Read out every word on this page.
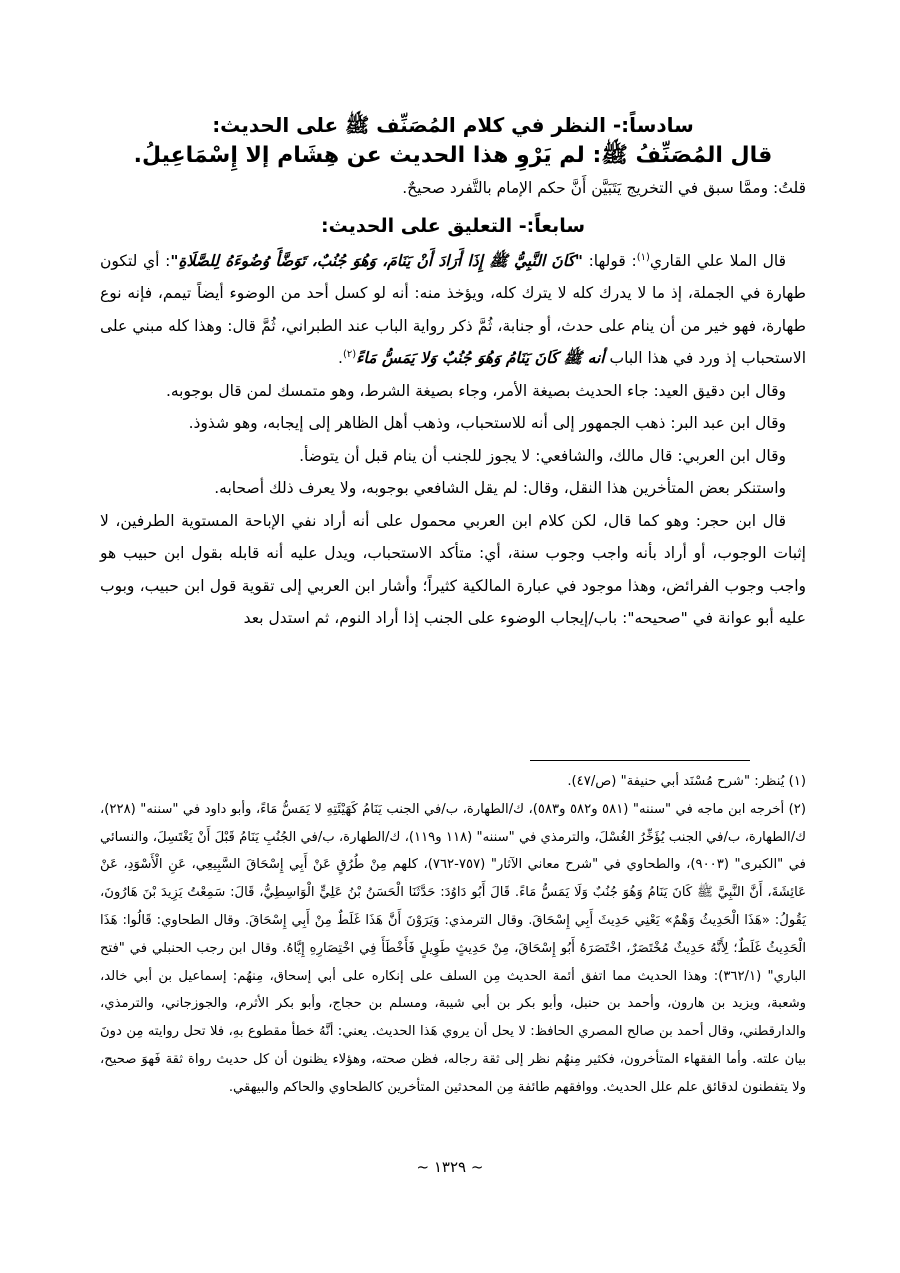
سادساً:- النظر في كلام المُصَنِّف ﷺ على الحديث:

قال المُصَنِّفُ ﷺ: لم يَرْوِ هذا الحديث عن هِشَام إلا إِسْمَاعِيلُ.

قلتُ: وممَّا سبق في التخريج يَتَبَيَّن أَنَّ حكم الإمام بالتَّفرد صحيحٌ.

سابعاً:- التعليق على الحديث:

قال الملا علي القاري$^{(١)}$: قولها: "كَانَ النَّبِيُّ ﷺ إِذَا أَرَادَ أَنْ يَنَامَ، وَهُوَ جُنُبٌ، تَوَضَّأَ وُضُوءَهُ لِلصَّلَاةِ": أي لتكون طهارة في الجملة، إذ ما لا يدرك كله لا يترك كله، ويؤخذ منه: أنه لو كسل أحد من الوضوء أيضاً تيمم، فإنه نوع طهارة، فهو خير من أن ينام على حدث، أو جنابة، ثُمَّ ذكر رواية الباب عند الطبراني، ثُمَّ قال: وهذا كله مبني على الاستحباب إذ ورد في هذا الباب أنه ﷺ كَانَ يَنَامُ وَهُوَ جُنُبٌ وَلا يَمَسُّ مَاءً$^{(٢)}$.

وقال ابن دقيق العيد: جاء الحديث بصيغة الأمر، وجاء بصيغة الشرط، وهو متمسك لمن قال بوجوبه.

وقال ابن عبد البر: ذهب الجمهور إلى أنه للاستحباب، وذهب أهل الظاهر إلى إيجابه، وهو شذوذ.

وقال ابن العربي: قال مالك، والشافعي: لا يجوز للجنب أن ينام قبل أن يتوضأ.

واستنكر بعض المتأخرين هذا النقل، وقال: لم يقل الشافعي بوجوبه، ولا يعرف ذلك أصحابه.

قال ابن حجر: وهو كما قال، لكن كلام ابن العربي محمول على أنه أراد نفي الإباحة المستوية الطرفين، لا إثبات الوجوب، أو أراد بأنه واجب وجوب سنة، أي: متأكد الاستحباب، ويدل عليه أنه قابله بقول ابن حبيب هو واجب وجوب الفرائض، وهذا موجود في عبارة المالكية كثيراً؛ وأشار ابن العربي إلى تقوية قول ابن حبيب، وبوب عليه أبو عوانة في "صحيحه": باب/إيجاب الوضوء على الجنب إذا أراد النوم، ثم استدل بعد

(١) يُنظر: "شرح مُسْنَد أبي حنيفة" (ص/٤٧).

(٢) أخرجه ابن ماجه في "سننه" (٥٨١ و٥٨٢ و٥٨٣)، ك/الطهارة، ب/في الجنب يَنَامُ كَهَيْئَتِهِ لا يَمَسُّ مَاءً، وأبو داود في "سننه" (٢٢٨)، ك/الطهارة، ب/في الجنب يُؤَخِّرُ الغُسْلَ، والترمذي في "سننه" (١١٨ و١١٩)، ك/الطهارة، ب/في الجُنُبِ يَنَامُ قَبْلَ أَنْ يَغْتَسِلَ، والنسائي في "الكبرى" (٩٠٠٣)، والطحاوي في "شرح معاني الآثار" (٧٥٧-٧٦٢)، كلهم مِنْ طُرُقٍ عَنْ أَبِي إِسْحَاقَ السَّبِيعِي، عَنِ الْأَسْوَدِ، عَنْ عَائِشَةَ، أَنَّ النَّبِيَّ ﷺ كَانَ يَنَامُ وَهُوَ جُنُبٌ وَلَا يَمَسُّ مَاءً. قَالَ أَبُو دَاوُدَ: حَدَّثَنَا الْحَسَنُ بْنُ عَلِيٍّ الْوَاسِطِيُّ، قَالَ: سَمِعْتُ يَزِيدَ بْنَ هَارُونَ، يَقُولُ: «هَذَا الْحَدِيثُ وَهْمٌ» يَعْنِي حَدِيثَ أَبِي إِسْحَاقَ. وقال الترمذي: وَيَرَوْنَ أَنَّ هَذَا غَلَطٌ مِنْ أَبِي إِسْحَاقَ. وقال الطحاوي: قَالُوا: هَذَا الْحَدِيثُ غَلَطٌ؛ لِأَنَّهُ حَدِيثٌ مُخْتَصَرٌ، اخْتَصَرَهُ أَبُو إِسْحَاقَ، مِنْ حَدِيثٍ طَوِيلٍ فَأَخْطَأَ فِي اخْتِصَارِهِ إِيَّاهُ. وقال ابن رجب الحنبلي في "فتح الباري" (٣٦٢/١): وهذا الحديث مما اتفق أئمة الحديث مِن السلف على إنكاره على أبي إسحاق، مِنهُم: إسماعيل بن أبي خالد، وشعبة، ويزيد بن هارون، وأحمد بن حنبل، وأبو بكر بن أبي شيبة، ومسلم بن حجاج، وأبو بكر الأثرم، والجوزجاني، والترمذي، والدارقطني، وقال أحمد بن صالح المصري الحافظ: لا يحل أن يروي هَذا الحديث. يعني: أنَّهُ خطأ مقطوع بهِ، فلا تحل روايته مِن دونَ بيان علته. وأما الفقهاء المتأخرون، فكثير مِنهُم نظر إلى ثقة رجاله، فظن صحته، وهؤلاء يظنون أن كل حديث رواة ثقة فَهوَ صحيح، ولا يتفطنون لدقائق علم علل الحديث. ووافقهم طائفة مِن المحدثين المتأخرين كالطحاوي والحاكم والبيهقي.

~ ١٣٢٩ ~
